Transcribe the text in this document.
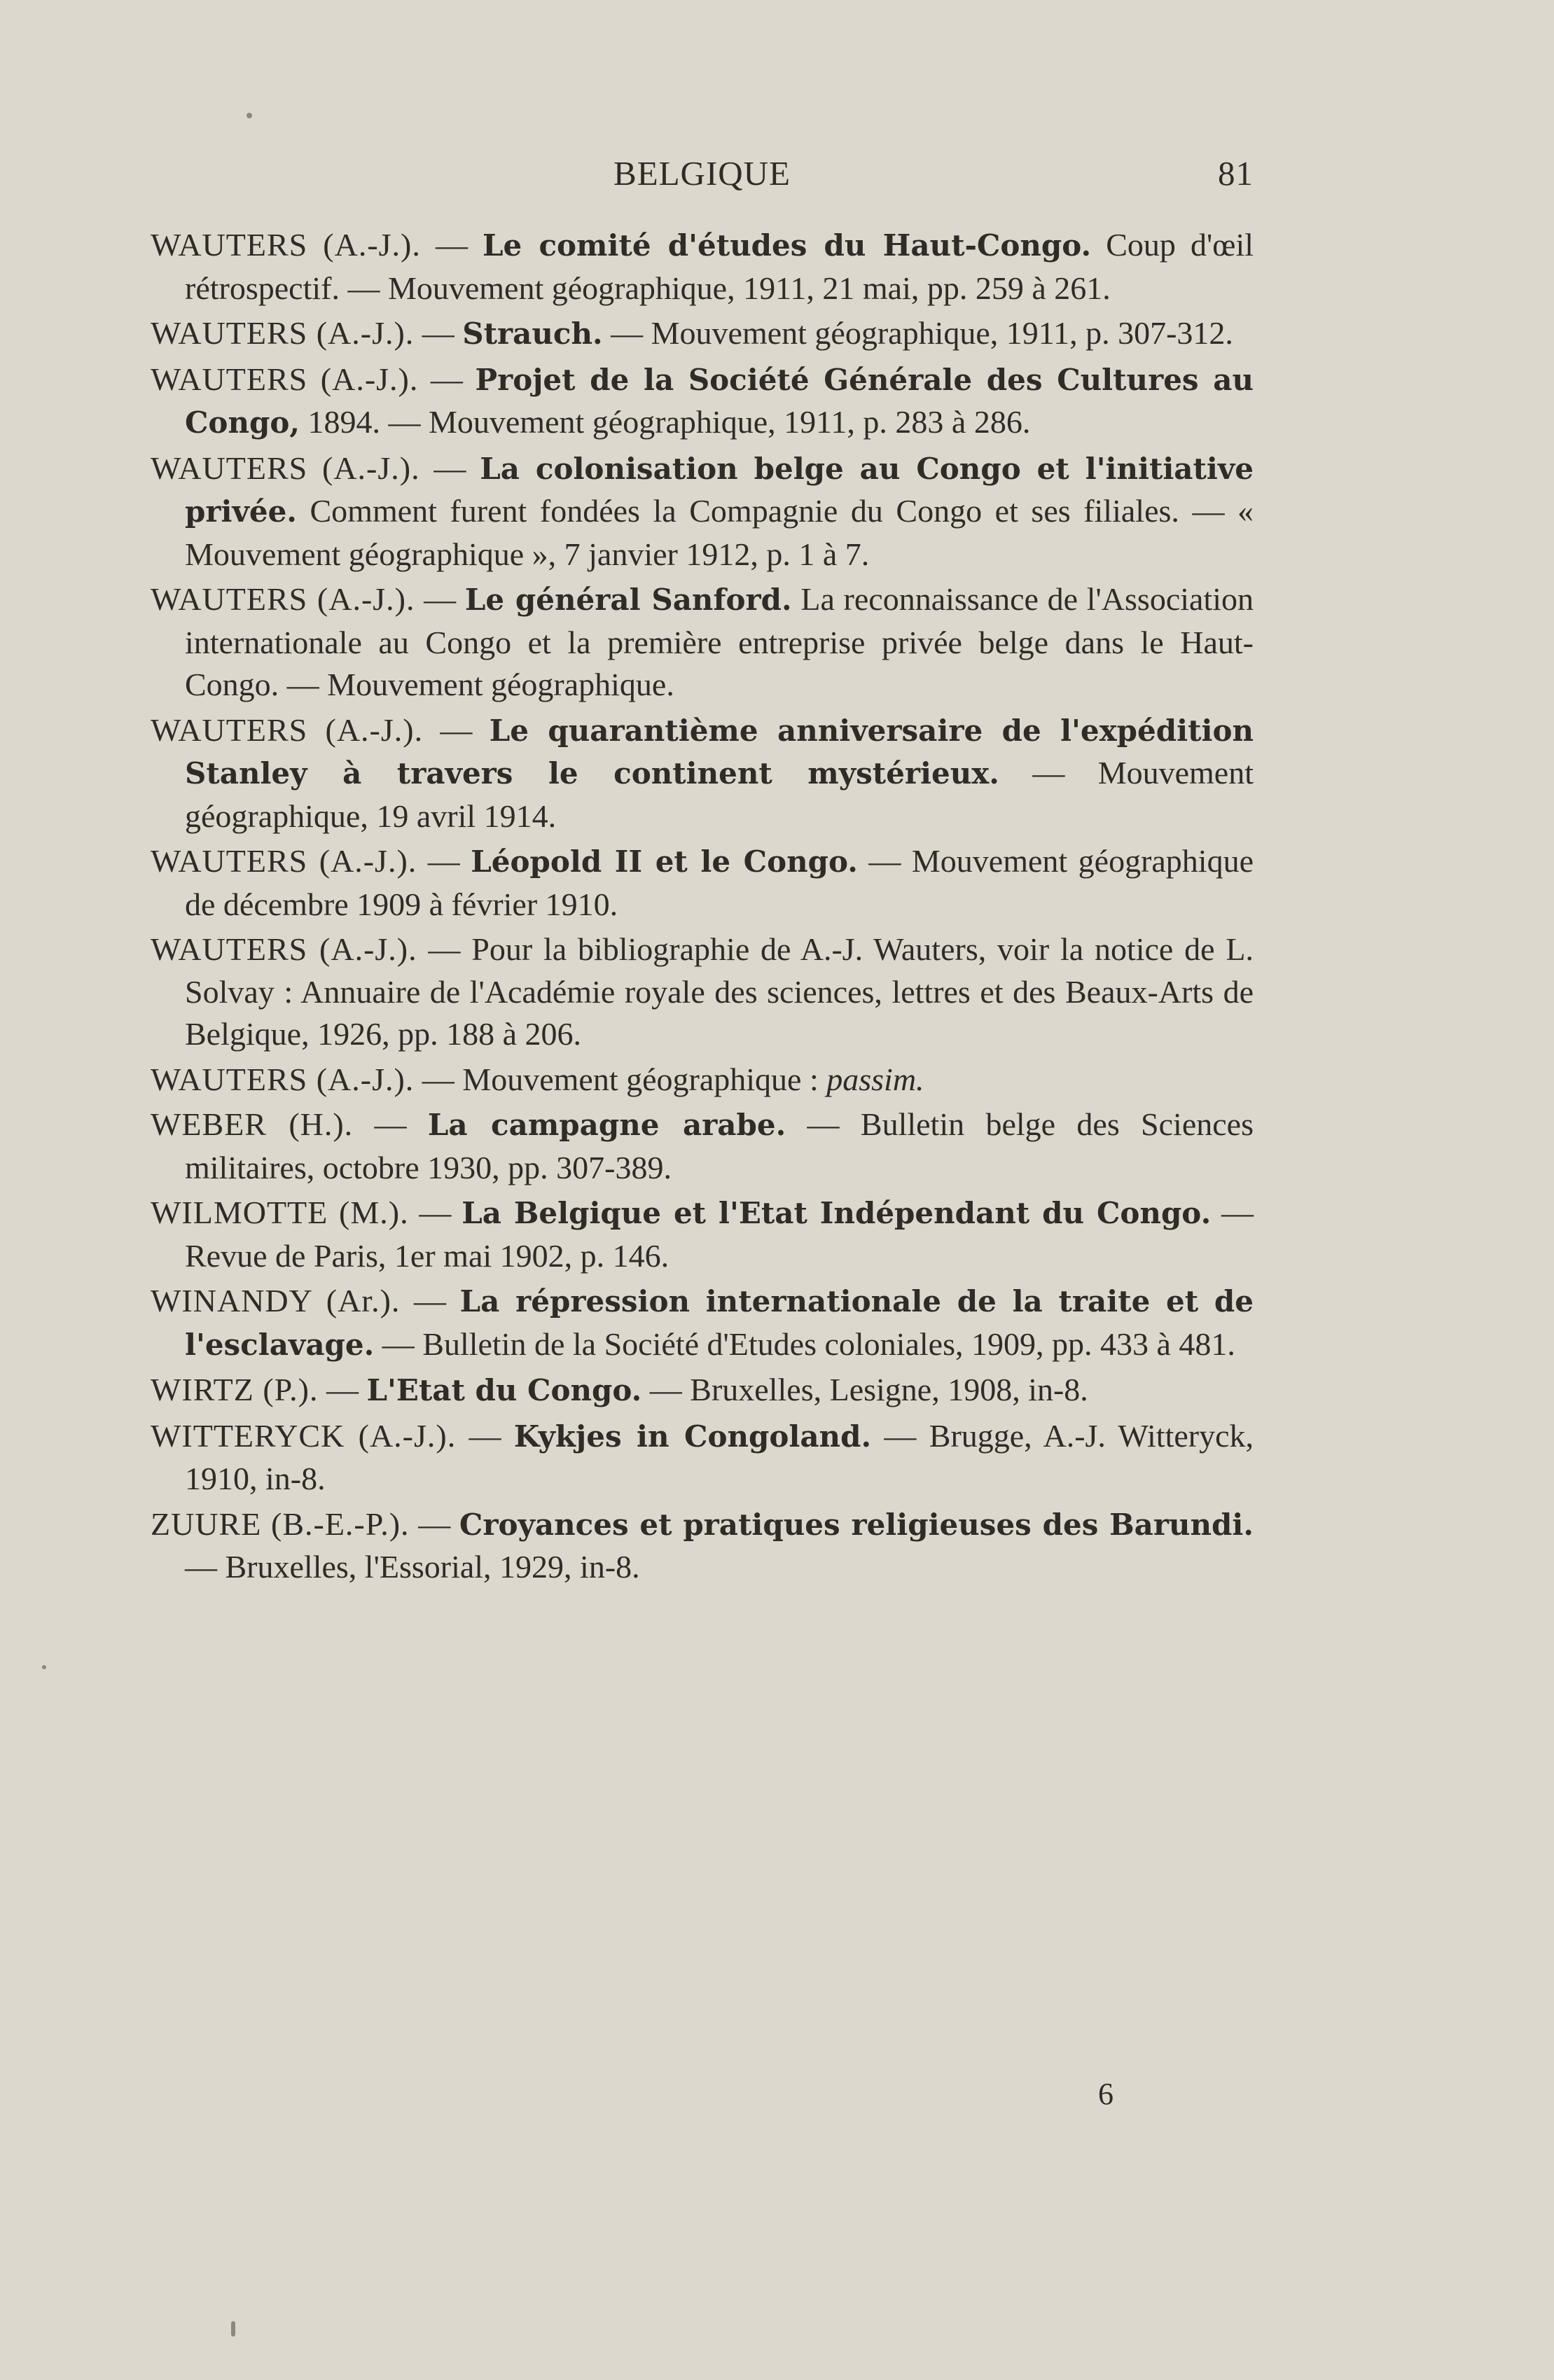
BELGIQUE	81

WAUTERS (A.-J.). — Le comité d'études du Haut-Congo. Coup d'œil rétrospectif. — Mouvement géographique, 1911, 21 mai, pp. 259 à 261.

WAUTERS (A.-J.). — Strauch. — Mouvement géographique, 1911, p. 307-312.

WAUTERS (A.-J.). — Projet de la Société Générale des Cultures au Congo, 1894. — Mouvement géographique, 1911, p. 283 à 286.

WAUTERS (A.-J.). — La colonisation belge au Congo et l'initiative privée. Comment furent fondées la Compagnie du Congo et ses filiales. — « Mouvement géographique », 7 janvier 1912, p. 1 à 7.

WAUTERS (A.-J.). — Le général Sanford. La reconnaissance de l'Association internationale au Congo et la première entreprise privée belge dans le Haut-Congo. — Mouvement géographique.

WAUTERS (A.-J.). — Le quarantième anniversaire de l'expédition Stanley à travers le continent mystérieux. — Mouvement géographique, 19 avril 1914.

WAUTERS (A.-J.). — Léopold II et le Congo. — Mouvement géographique de décembre 1909 à février 1910.

WAUTERS (A.-J.). — Pour la bibliographie de A.-J. Wauters, voir la notice de L. Solvay : Annuaire de l'Académie royale des sciences, lettres et des Beaux-Arts de Belgique, 1926, pp. 188 à 206.

WAUTERS (A.-J.). — Mouvement géographique : passim.

WEBER (H.). — La campagne arabe. — Bulletin belge des Sciences militaires, octobre 1930, pp. 307-389.

WILMOTTE (M.). — La Belgique et l'Etat Indépendant du Congo. — Revue de Paris, 1er mai 1902, p. 146.

WINANDY (Ar.). — La répression internationale de la traite et de l'esclavage. — Bulletin de la Société d'Etudes coloniales, 1909, pp. 433 à 481.

WIRTZ (P.). — L'Etat du Congo. — Bruxelles, Lesigne, 1908, in-8.

WITTERYCK (A.-J.). — Kykjes in Congoland. — Brugge, A.-J. Witteryck, 1910, in-8.

ZUURE (B.-E.-P.). — Croyances et pratiques religieuses des Barundi. — Bruxelles, l'Essorial, 1929, in-8.

6
